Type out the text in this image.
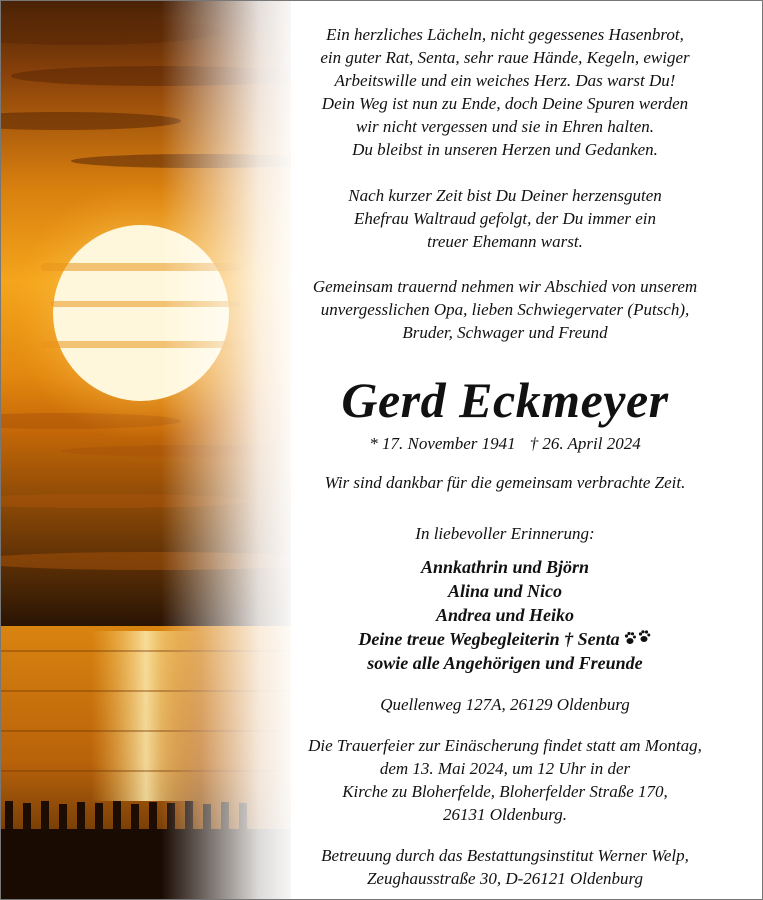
Ein herzliches Lächeln, nicht gegessenes Hasenbrot,

ein guter Rat, Senta, sehr raue Hände, Kegeln, ewiger

Arbeitswille und ein weiches Herz. Das warst Du!

Dein Weg ist nun zu Ende, doch Deine Spuren werden

wir nicht vergessen und sie in Ehren halten.

Du bleibst in unseren Herzen und Gedanken.

Nach kurzer Zeit bist Du Deiner herzensguten

Ehefrau Waltraud gefolgt, der Du immer ein

treuer Ehemann warst.

Gemeinsam trauernd nehmen wir Abschied von unserem

unvergesslichen Opa, lieben Schwiegervater (Putsch),

Bruder, Schwager und Freund

Gerd Eckmeyer

* 17. November 1941 † 26. April 2024

Wir sind dankbar für die gemeinsam verbrachte Zeit.

In liebevoller Erinnerung:

Annkathrin und Björn

Alina und Nico

Andrea und Heiko

Deine treue Wegbegleiterin † Senta

sowie alle Angehörigen und Freunde

Quellenweg 127A, 26129 Oldenburg

Die Trauerfeier zur Einäscherung findet statt am Montag,

dem 13. Mai 2024, um 12 Uhr in der

Kirche zu Bloherfelde, Bloherfelder Straße 170,

26131 Oldenburg.

Betreuung durch das Bestattungsinstitut Werner Welp,

Zeughausstraße 30, D-26121 Oldenburg
